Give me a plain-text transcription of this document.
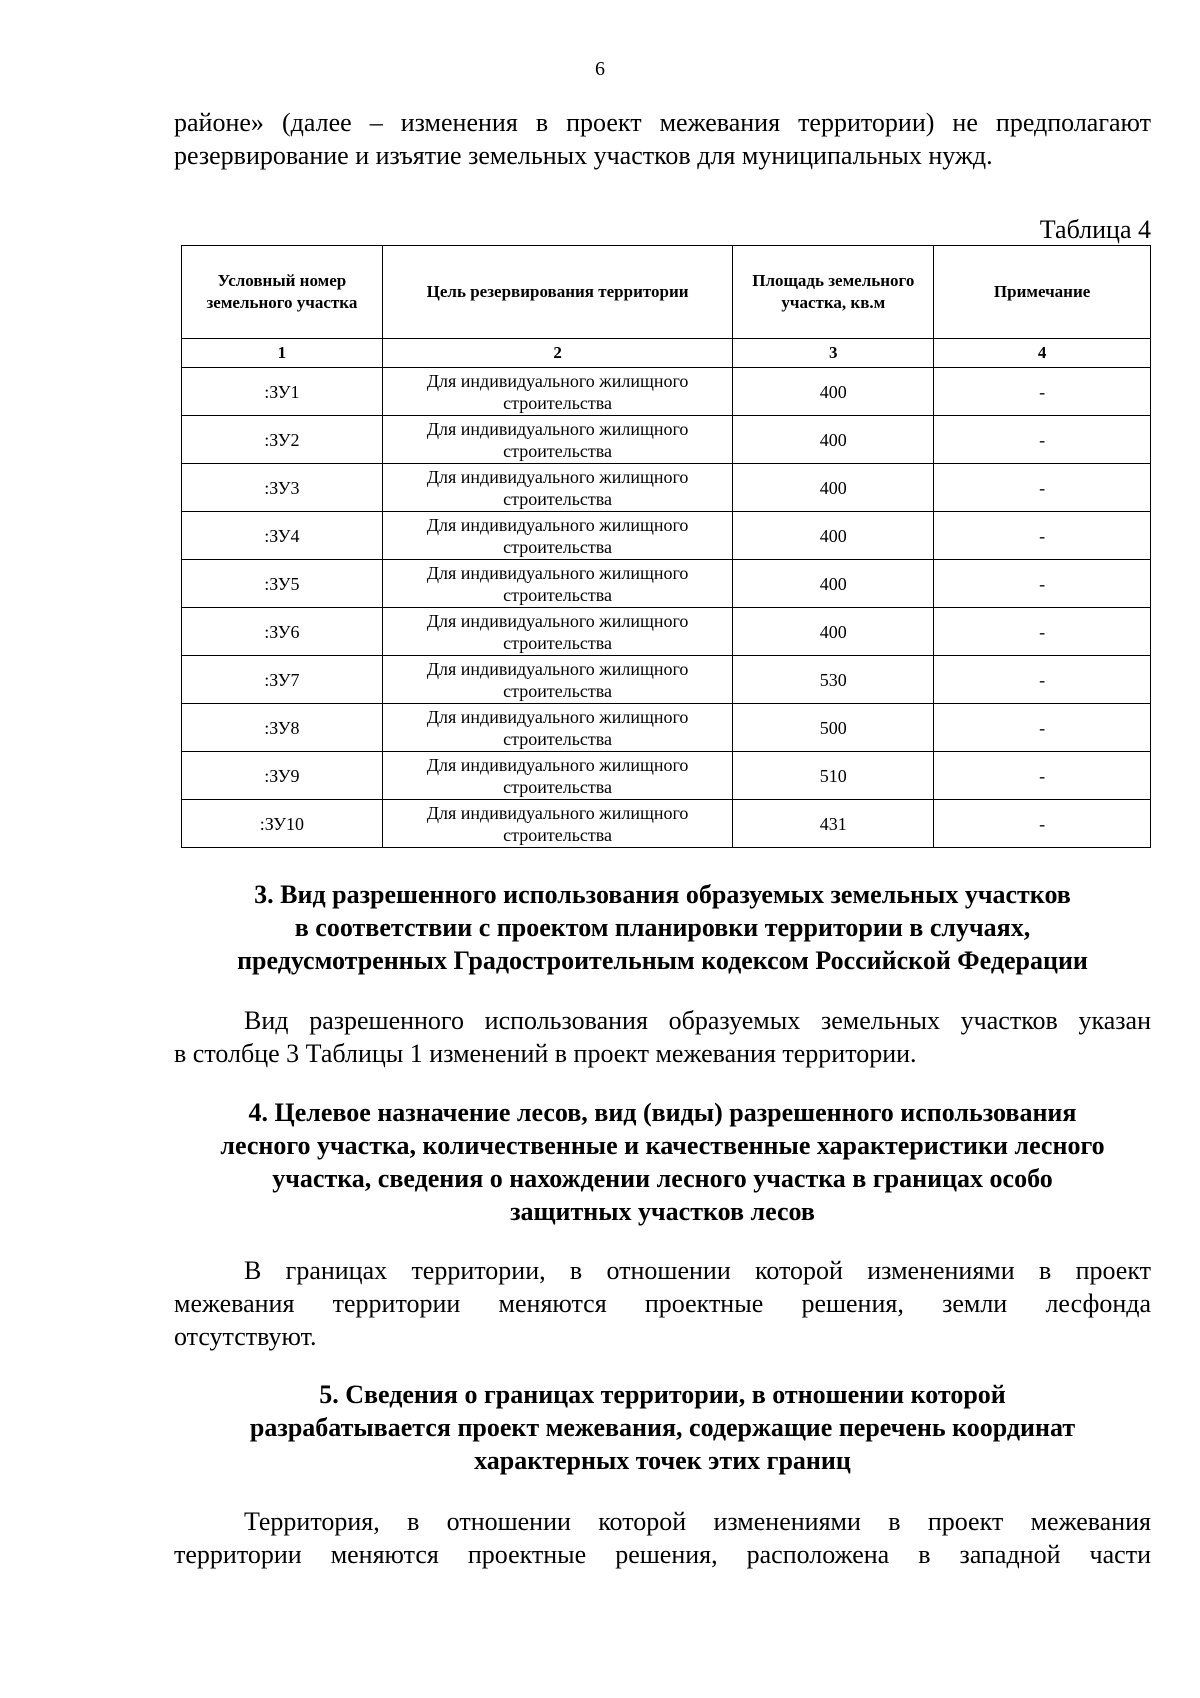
6
районе» (далее – изменения в проект межевания территории) не предполагают
резервирование и изъятие земельных участков для муниципальных нужд.
Таблица 4
Условный номер земельного участка	Цель резервирования территории	Площадь земельного участка, кв.м	Примечание
1	2	3	4
:ЗУ1	Для индивидуального жилищного строительства	400	-
:ЗУ2	Для индивидуального жилищного строительства	400	-
:ЗУ3	Для индивидуального жилищного строительства	400	-
:ЗУ4	Для индивидуального жилищного строительства	400	-
:ЗУ5	Для индивидуального жилищного строительства	400	-
:ЗУ6	Для индивидуального жилищного строительства	400	-
:ЗУ7	Для индивидуального жилищного строительства	530	-
:ЗУ8	Для индивидуального жилищного строительства	500	-
:ЗУ9	Для индивидуального жилищного строительства	510	-
:ЗУ10	Для индивидуального жилищного строительства	431	-
3. Вид разрешенного использования образуемых земельных участков
в соответствии с проектом планировки территории в случаях,
предусмотренных Градостроительным кодексом Российской Федерации
Вид разрешенного использования образуемых земельных участков указан
в столбце 3 Таблицы 1 изменений в проект межевания территории.
4. Целевое назначение лесов, вид (виды) разрешенного использования
лесного участка, количественные и качественные характеристики лесного
участка, сведения о нахождении лесного участка в границах особо
защитных участков лесов
В границах территории, в отношении которой изменениями в проект
межевания территории меняются проектные решения, земли лесфонда
отсутствуют.
5. Сведения о границах территории, в отношении которой
разрабатывается проект межевания, содержащие перечень координат
характерных точек этих границ
Территория, в отношении которой изменениями в проект межевания
территории меняются проектные решения, расположена в западной части
